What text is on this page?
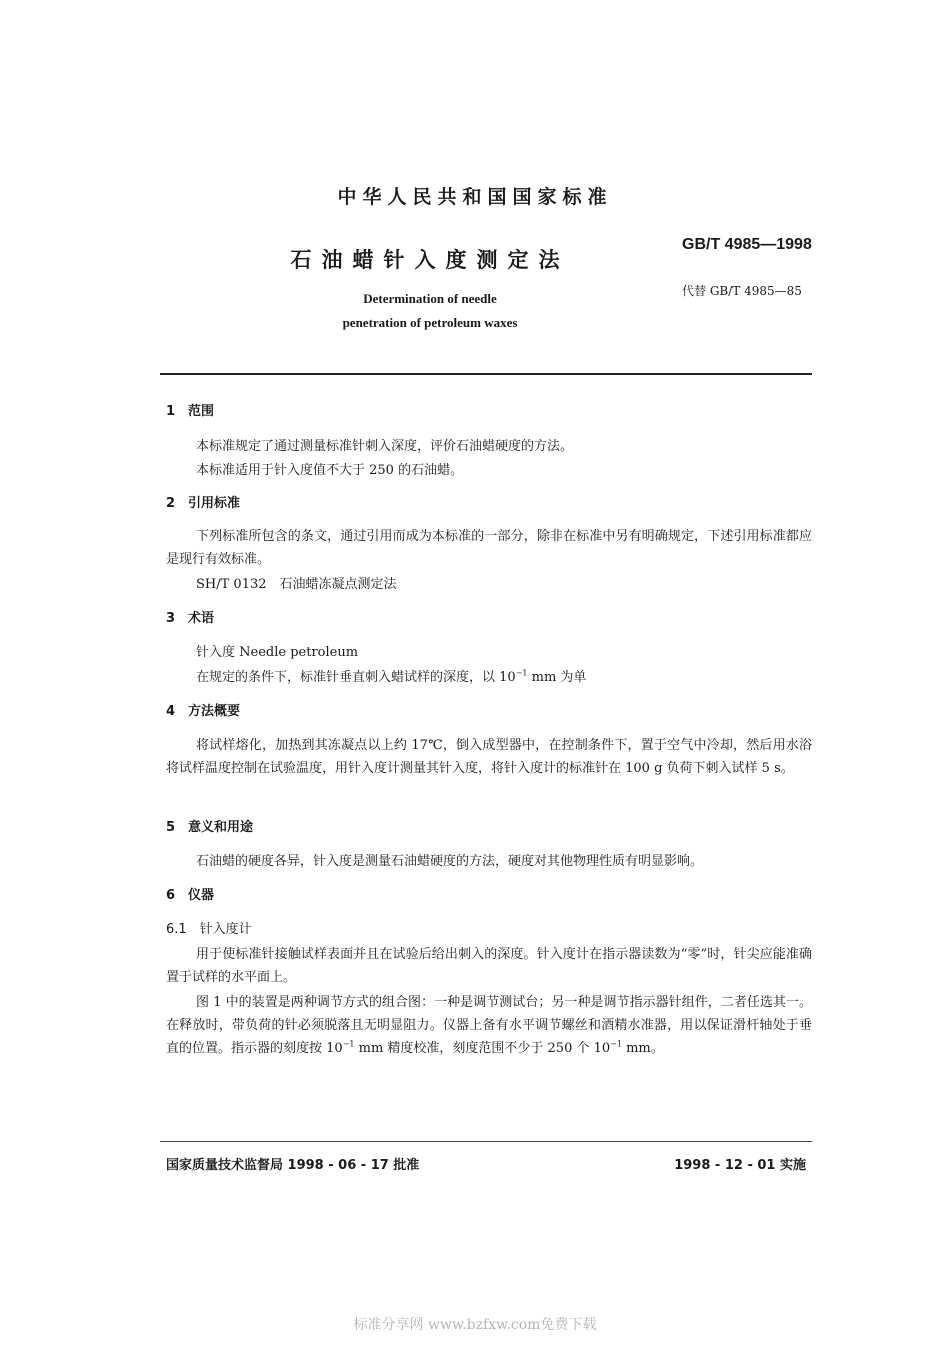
中华人民共和国国家标准
石油蜡针入度测定法
GB/T 4985—1998
代替 GB/T 4985—85
Determination of needle
penetration of petroleum waxes
1　范围
本标准规定了通过测量标准针刺入深度，评价石油蜡硬度的方法。
本标准适用于针入度值不大于 250 的石油蜡。
2　引用标准
下列标准所包含的条文，通过引用而成为本标准的一部分，除非在标准中另有明确规定，下述引用标准都应是现行有效标准。
SH/T 0132　石油蜡冻凝点测定法
3　术语
针入度 Needle petroleum
在规定的条件下，标准针垂直刺入蜡试样的深度，以 $10^{-1}$ mm 为单
4　方法概要
将试样熔化，加热到其冻凝点以上约 17℃，倒入成型器中，在控制条件下，置于空气中冷却，然后用水浴将试样温度控制在试验温度，用针入度计测量其针入度，将针入度计的标准针在 100 g 负荷下刺入试样 5 s。
5　意义和用途
石油蜡的硬度各异，针入度是测量石油蜡硬度的方法，硬度对其他物理性质有明显影响。
6　仪器
6.1　针入度计
用于使标准针接触试样表面并且在试验后给出刺入的深度。针入度计在指示器读数为“零”时，针尖应能准确置于试样的水平面上。
图 1 中的装置是两种调节方式的组合图：一种是调节测试台；另一种是调节指示器针组件，二者任选其一。在释放时，带负荷的针必须脱落且无明显阻力。仪器上备有水平调节螺丝和酒精水准器，用以保证滑杆轴处于垂直的位置。指示器的刻度按 $10^{-1}$ mm 精度校准，刻度范围不少于 250 个 $10^{-1}$ mm。
国家质量技术监督局 1998 - 06 - 17 批准	1998 - 12 - 01 实施
标准分享网 www.bzfxw.com免费下载
